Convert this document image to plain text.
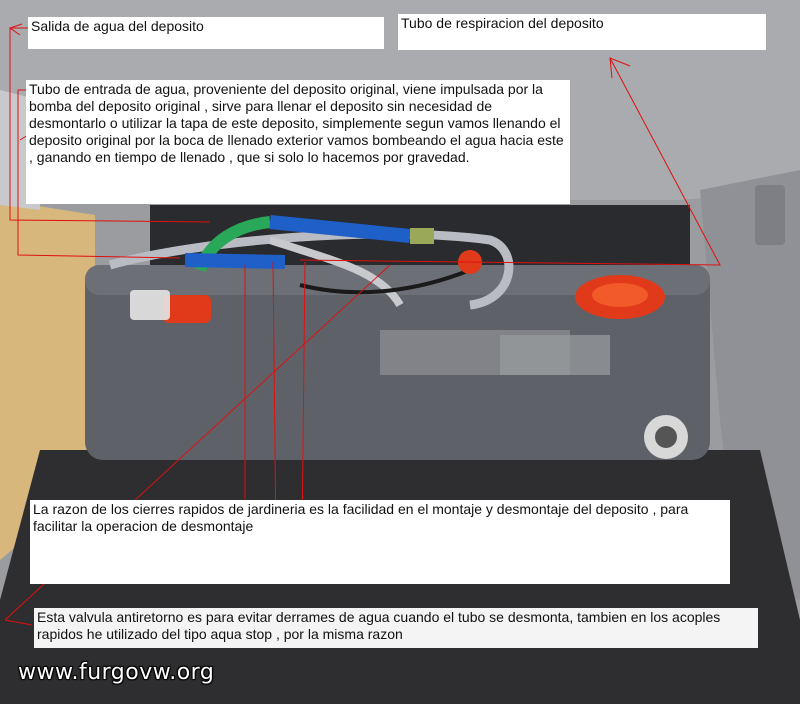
Salida de agua del deposito	Tubo de respiracion del deposito
Tubo de entrada de agua, proveniente del deposito original, viene impulsada por la bomba del deposito original , sirve para llenar el deposito sin necesidad de desmontarlo o utilizar la tapa de este deposito, simplemente segun vamos llenando el deposito original por la boca de llenado exterior vamos bombeando el agua hacia este , ganando en tiempo de llenado , que si solo lo hacemos por gravedad.
La razon de los cierres rapidos de jardineria es la facilidad en el montaje y desmontaje del deposito , para facilitar la operacion de desmontaje
Esta valvula antiretorno es para evitar derrames de agua cuando el tubo se desmonta, tambien en los acoples rapidos he utilizado del tipo aqua stop , por la misma razon
www.furgovw.org
